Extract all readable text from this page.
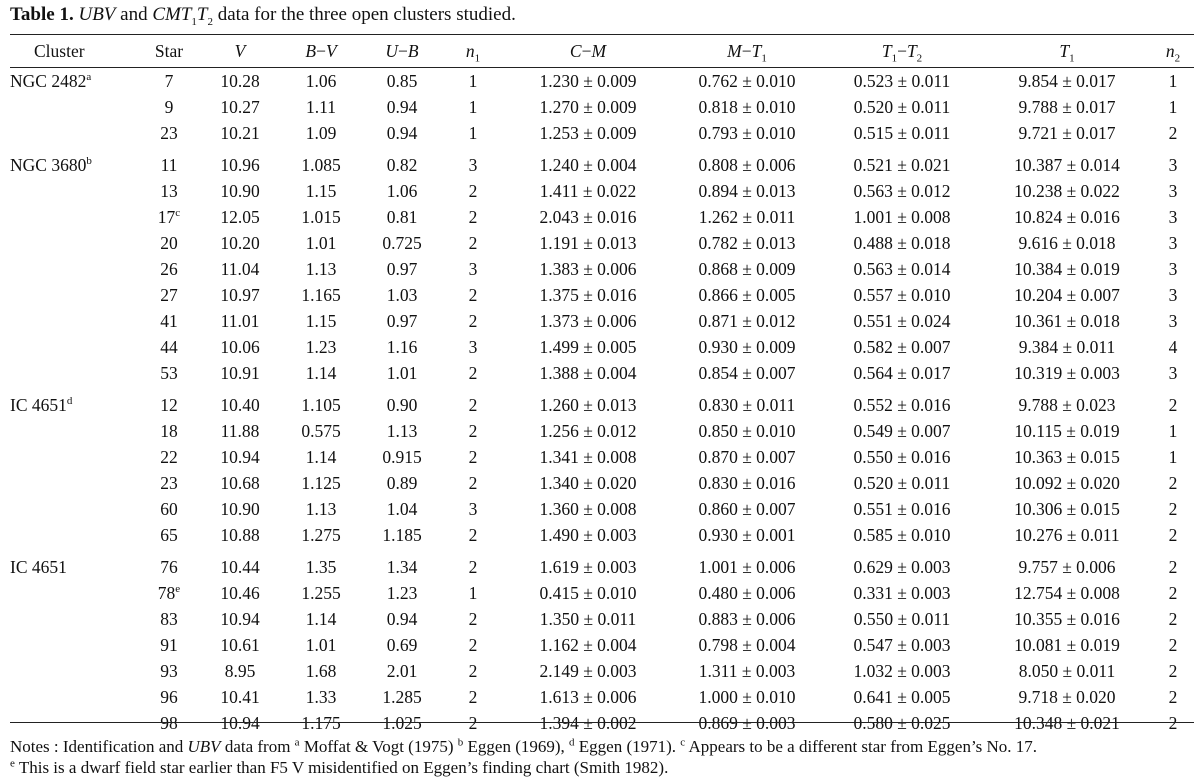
Table 1. UBV and $CMT_1T_2$ data for the three open clusters studied.
Cluster	Star	V	B−V	U−B	$n_1$	C−M	$M-T_1$	$T_1-T_2$	$T_1$	$n_2$
NGC 2482$^a$	7	10.28	1.06	0.85	1	1.230 ± 0.009	0.762 ± 0.010	0.523 ± 0.011	9.854 ± 0.017	1
	9	10.27	1.11	0.94	1	1.270 ± 0.009	0.818 ± 0.010	0.520 ± 0.011	9.788 ± 0.017	1
	23	10.21	1.09	0.94	1	1.253 ± 0.009	0.793 ± 0.010	0.515 ± 0.011	9.721 ± 0.017	2

NGC 3680$^b$	11	10.96	1.085	0.82	3	1.240 ± 0.004	0.808 ± 0.006	0.521 ± 0.021	10.387 ± 0.014	3
	13	10.90	1.15	1.06	2	1.411 ± 0.022	0.894 ± 0.013	0.563 ± 0.012	10.238 ± 0.022	3
	17$^c$	12.05	1.015	0.81	2	2.043 ± 0.016	1.262 ± 0.011	1.001 ± 0.008	10.824 ± 0.016	3
	20	10.20	1.01	0.725	2	1.191 ± 0.013	0.782 ± 0.013	0.488 ± 0.018	9.616 ± 0.018	3
	26	11.04	1.13	0.97	3	1.383 ± 0.006	0.868 ± 0.009	0.563 ± 0.014	10.384 ± 0.019	3
	27	10.97	1.165	1.03	2	1.375 ± 0.016	0.866 ± 0.005	0.557 ± 0.010	10.204 ± 0.007	3
	41	11.01	1.15	0.97	2	1.373 ± 0.006	0.871 ± 0.012	0.551 ± 0.024	10.361 ± 0.018	3
	44	10.06	1.23	1.16	3	1.499 ± 0.005	0.930 ± 0.009	0.582 ± 0.007	9.384 ± 0.011	4
	53	10.91	1.14	1.01	2	1.388 ± 0.004	0.854 ± 0.007	0.564 ± 0.017	10.319 ± 0.003	3

IC 4651$^d$	12	10.40	1.105	0.90	2	1.260 ± 0.013	0.830 ± 0.011	0.552 ± 0.016	9.788 ± 0.023	2
	18	11.88	0.575	1.13	2	1.256 ± 0.012	0.850 ± 0.010	0.549 ± 0.007	10.115 ± 0.019	1
	22	10.94	1.14	0.915	2	1.341 ± 0.008	0.870 ± 0.007	0.550 ± 0.016	10.363 ± 0.015	1
	23	10.68	1.125	0.89	2	1.340 ± 0.020	0.830 ± 0.016	0.520 ± 0.011	10.092 ± 0.020	2
	60	10.90	1.13	1.04	3	1.360 ± 0.008	0.860 ± 0.007	0.551 ± 0.016	10.306 ± 0.015	2
	65	10.88	1.275	1.185	2	1.490 ± 0.003	0.930 ± 0.001	0.585 ± 0.010	10.276 ± 0.011	2

IC 4651	76	10.44	1.35	1.34	2	1.619 ± 0.003	1.001 ± 0.006	0.629 ± 0.003	9.757 ± 0.006	2
	78e	10.46	1.255	1.23	1	0.415 ± 0.010	0.480 ± 0.006	0.331 ± 0.003	12.754 ± 0.008	2
	83	10.94	1.14	0.94	2	1.350 ± 0.011	0.883 ± 0.006	0.550 ± 0.011	10.355 ± 0.016	2
	91	10.61	1.01	0.69	2	1.162 ± 0.004	0.798 ± 0.004	0.547 ± 0.003	10.081 ± 0.019	2
	93	8.95	1.68	2.01	2	2.149 ± 0.003	1.311 ± 0.003	1.032 ± 0.003	8.050 ± 0.011	2
	96	10.41	1.33	1.285	2	1.613 ± 0.006	1.000 ± 0.010	0.641 ± 0.005	9.718 ± 0.020	2
	98	10.94	1.175	1.025	2	1.394 ± 0.002	0.869 ± 0.003	0.580 ± 0.025	10.348 ± 0.021	2
Notes : Identification and UBV data from $^a$ Moffat & Vogt (1975) $^b$ Eggen (1969), $^d$ Eggen (1971). $^c$ Appears to be a different star from Eggen’s No. 17.
$^e$ This is a dwarf field star earlier than F5 V misidentified on Eggen’s finding chart (Smith 1982).
